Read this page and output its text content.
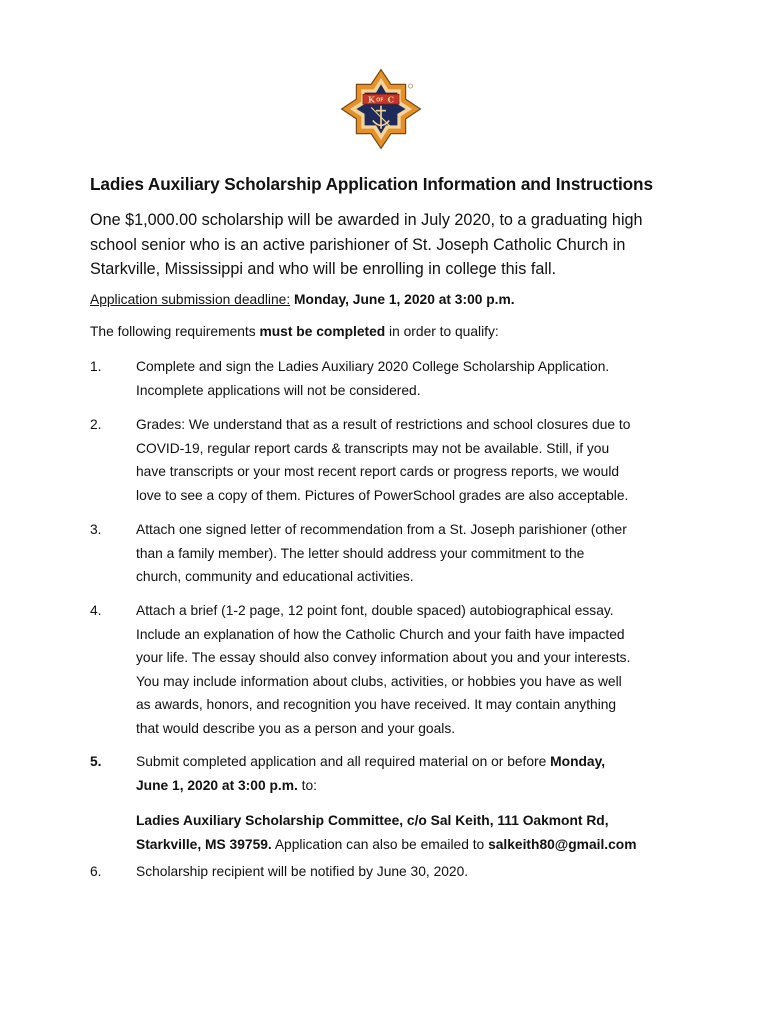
K OF C
Ladies Auxiliary Scholarship Application Information and Instructions
One $1,000.00 scholarship will be awarded in July 2020, to a graduating high
school senior who is an active parishioner of St. Joseph Catholic Church in
Starkville, Mississippi and who will be enrolling in college this fall.
Application submission deadline: Monday, June 1, 2020 at 3:00 p.m.
The following requirements must be completed in order to qualify:
1. Complete and sign the Ladies Auxiliary 2020 College Scholarship Application.
Incomplete applications will not be considered.
2. Grades: We understand that as a result of restrictions and school closures due to
COVID-19, regular report cards & transcripts may not be available. Still, if you
have transcripts or your most recent report cards or progress reports, we would
love to see a copy of them. Pictures of PowerSchool grades are also acceptable.
3. Attach one signed letter of recommendation from a St. Joseph parishioner (other
than a family member). The letter should address your commitment to the
church, community and educational activities.
4. Attach a brief (1-2 page, 12 point font, double spaced) autobiographical essay.
Include an explanation of how the Catholic Church and your faith have impacted
your life. The essay should also convey information about you and your interests.
You may include information about clubs, activities, or hobbies you have as well
as awards, honors, and recognition you have received. It may contain anything
that would describe you as a person and your goals.
5. Submit completed application and all required material on or before Monday,
June 1, 2020 at 3:00 p.m. to:
Ladies Auxiliary Scholarship Committee, c/o Sal Keith, 111 Oakmont Rd,
Starkville, MS 39759. Application can also be emailed to salkeith80@gmail.com
6. Scholarship recipient will be notified by June 30, 2020.
